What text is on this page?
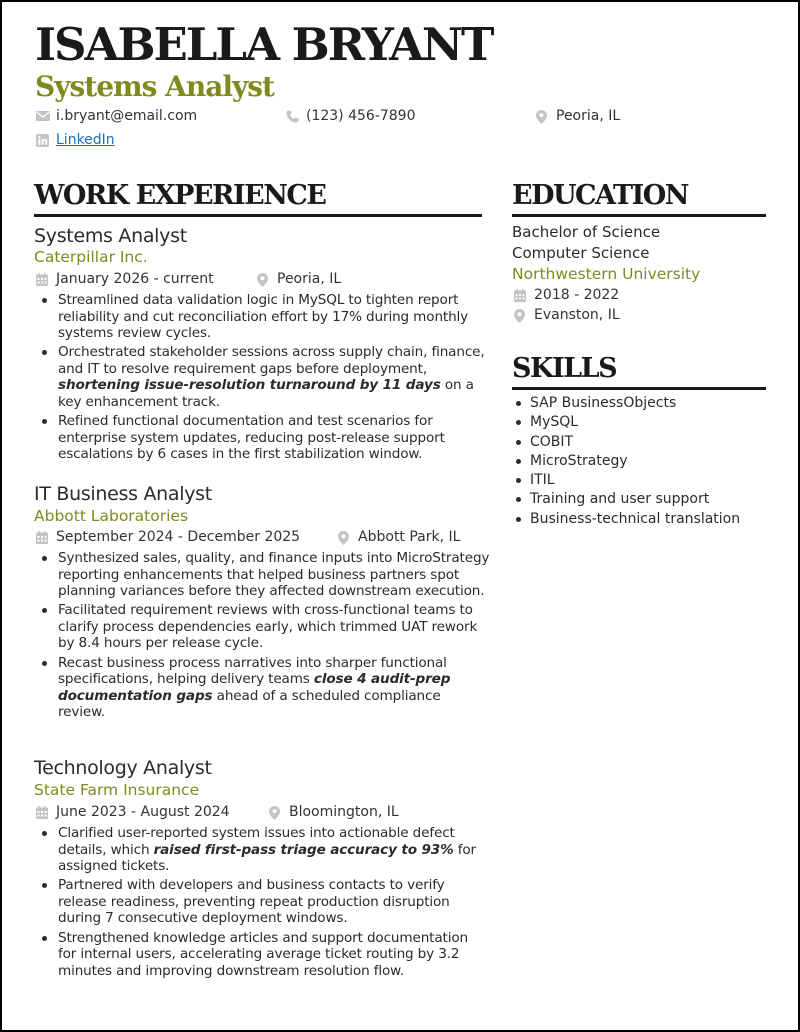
ISABELLA BRYANT
Systems Analyst
i.bryant@email.com	(123) 456-7890	Peoria, IL
LinkedIn
WORK EXPERIENCE
Systems Analyst
Caterpillar Inc.
January 2026 - current	Peoria, IL
Streamlined data validation logic in MySQL to tighten report reliability and cut reconciliation effort by 17% during monthly systems review cycles.
Orchestrated stakeholder sessions across supply chain, finance, and IT to resolve requirement gaps before deployment, shortening issue-resolution turnaround by 11 days on a key enhancement track.
Refined functional documentation and test scenarios for enterprise system updates, reducing post-release support escalations by 6 cases in the first stabilization window.
IT Business Analyst
Abbott Laboratories
September 2024 - December 2025	Abbott Park, IL
Synthesized sales, quality, and finance inputs into MicroStrategy reporting enhancements that helped business partners spot planning variances before they affected downstream execution.
Facilitated requirement reviews with cross-functional teams to clarify process dependencies early, which trimmed UAT rework by 8.4 hours per release cycle.
Recast business process narratives into sharper functional specifications, helping delivery teams close 4 audit-prep documentation gaps ahead of a scheduled compliance review.
Technology Analyst
State Farm Insurance
June 2023 - August 2024	Bloomington, IL
Clarified user-reported system issues into actionable defect details, which raised first-pass triage accuracy to 93% for assigned tickets.
Partnered with developers and business contacts to verify release readiness, preventing repeat production disruption during 7 consecutive deployment windows.
Strengthened knowledge articles and support documentation for internal users, accelerating average ticket routing by 3.2 minutes and improving downstream resolution flow.
EDUCATION
Bachelor of Science
Computer Science
Northwestern University
2018 - 2022
Evanston, IL
SKILLS
SAP BusinessObjects
MySQL
COBIT
MicroStrategy
ITIL
Training and user support
Business-technical translation
